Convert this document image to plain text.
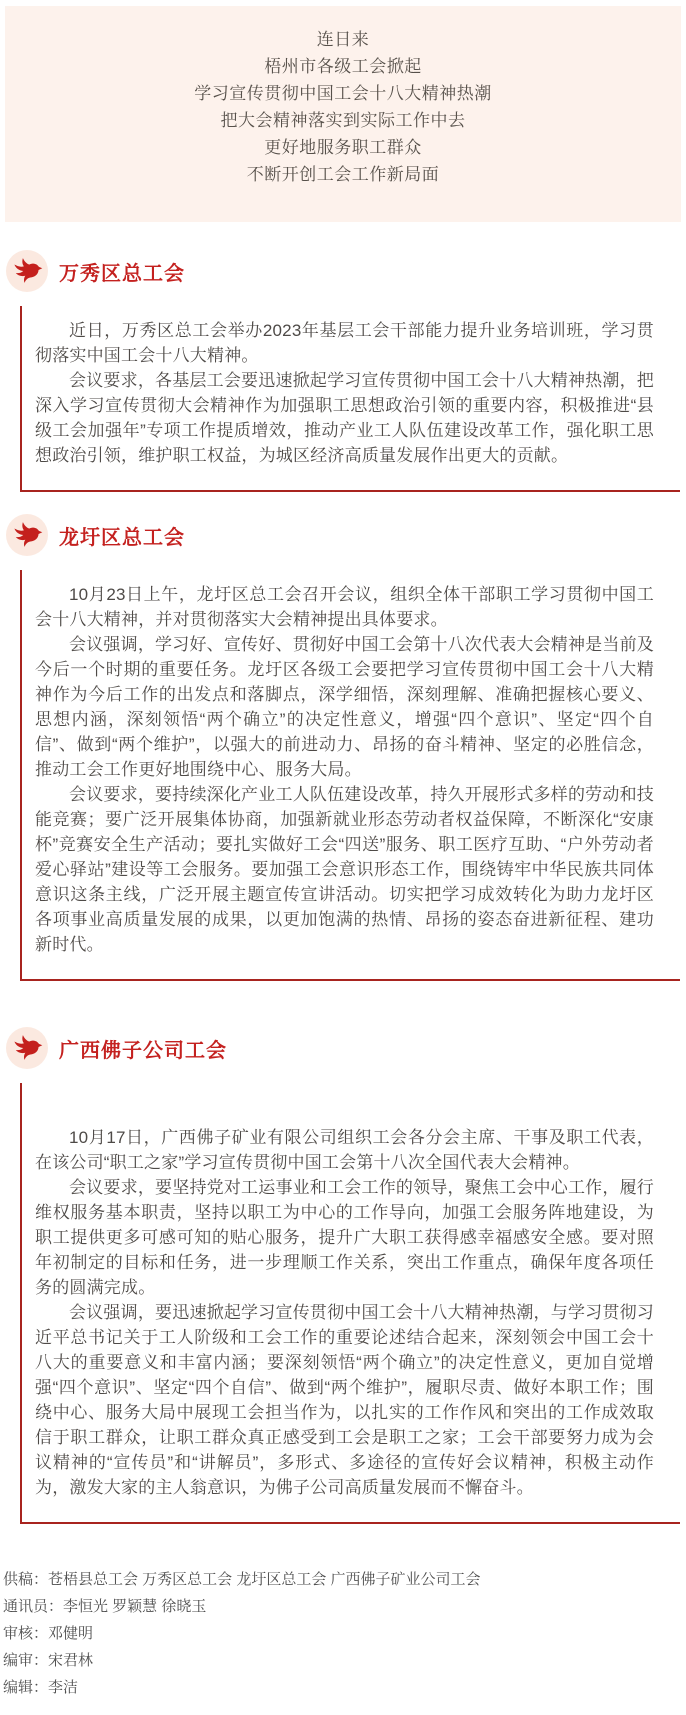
连日来
梧州市各级工会掀起
学习宣传贯彻中国工会十八大精神热潮
把大会精神落实到实际工作中去
更好地服务职工群众
不断开创工会工作新局面
万秀区总工会

近日，万秀区总工会举办2023年基层工会干部能力提升业务培训班，学习贯彻落实中国工会十八大精神。

会议要求，各基层工会要迅速掀起学习宣传贯彻中国工会十八大精神热潮，把深入学习宣传贯彻大会精神作为加强职工思想政治引领的重要内容，积极推进“县级工会加强年”专项工作提质增效，推动产业工人队伍建设改革工作，强化职工思想政治引领，维护职工权益，为城区经济高质量发展作出更大的贡献。

龙圩区总工会

10月23日上午，龙圩区总工会召开会议，组织全体干部职工学习贯彻中国工会十八大精神，并对贯彻落实大会精神提出具体要求。

会议强调，学习好、宣传好、贯彻好中国工会第十八次代表大会精神是当前及今后一个时期的重要任务。龙圩区各级工会要把学习宣传贯彻中国工会十八大精神作为今后工作的出发点和落脚点，深学细悟，深刻理解、准确把握核心要义、思想内涵，深刻领悟“两个确立”的决定性意义，增强“四个意识”、坚定“四个自信”、做到“两个维护”，以强大的前进动力、昂扬的奋斗精神、坚定的必胜信念，推动工会工作更好地围绕中心、服务大局。

会议要求，要持续深化产业工人队伍建设改革，持久开展形式多样的劳动和技能竞赛；要广泛开展集体协商，加强新就业形态劳动者权益保障，不断深化“安康杯”竞赛安全生产活动；要扎实做好工会“四送”服务、职工医疗互助、“户外劳动者爱心驿站”建设等工会服务。要加强工会意识形态工作，围绕铸牢中华民族共同体意识这条主线，广泛开展主题宣传宣讲活动。切实把学习成效转化为助力龙圩区各项事业高质量发展的成果，以更加饱满的热情、昂扬的姿态奋进新征程、建功新时代。

广西佛子公司工会

10月17日，广西佛子矿业有限公司组织工会各分会主席、干事及职工代表，在该公司“职工之家”学习宣传贯彻中国工会第十八次全国代表大会精神。

会议要求，要坚持党对工运事业和工会工作的领导，聚焦工会中心工作，履行维权服务基本职责，坚持以职工为中心的工作导向，加强工会服务阵地建设，为职工提供更多可感可知的贴心服务，提升广大职工获得感幸福感安全感。要对照年初制定的目标和任务，进一步理顺工作关系，突出工作重点，确保年度各项任务的圆满完成。

会议强调，要迅速掀起学习宣传贯彻中国工会十八大精神热潮，与学习贯彻习近平总书记关于工人阶级和工会工作的重要论述结合起来，深刻领会中国工会十八大的重要意义和丰富内涵；要深刻领悟“两个确立”的决定性意义，更加自觉增强“四个意识”、坚定“四个自信”、做到“两个维护”，履职尽责、做好本职工作；围绕中心、服务大局中展现工会担当作为，以扎实的工作作风和突出的工作成效取信于职工群众，让职工群众真正感受到工会是职工之家；工会干部要努力成为会议精神的“宣传员”和“讲解员”，多形式、多途径的宣传好会议精神，积极主动作为，激发大家的主人翁意识，为佛子公司高质量发展而不懈奋斗。

供稿：苍梧县总工会 万秀区总工会 龙圩区总工会 广西佛子矿业公司工会
通讯员：李恒光 罗颖慧 徐晓玉
审核：邓健明
编审：宋君林
编辑：李洁
